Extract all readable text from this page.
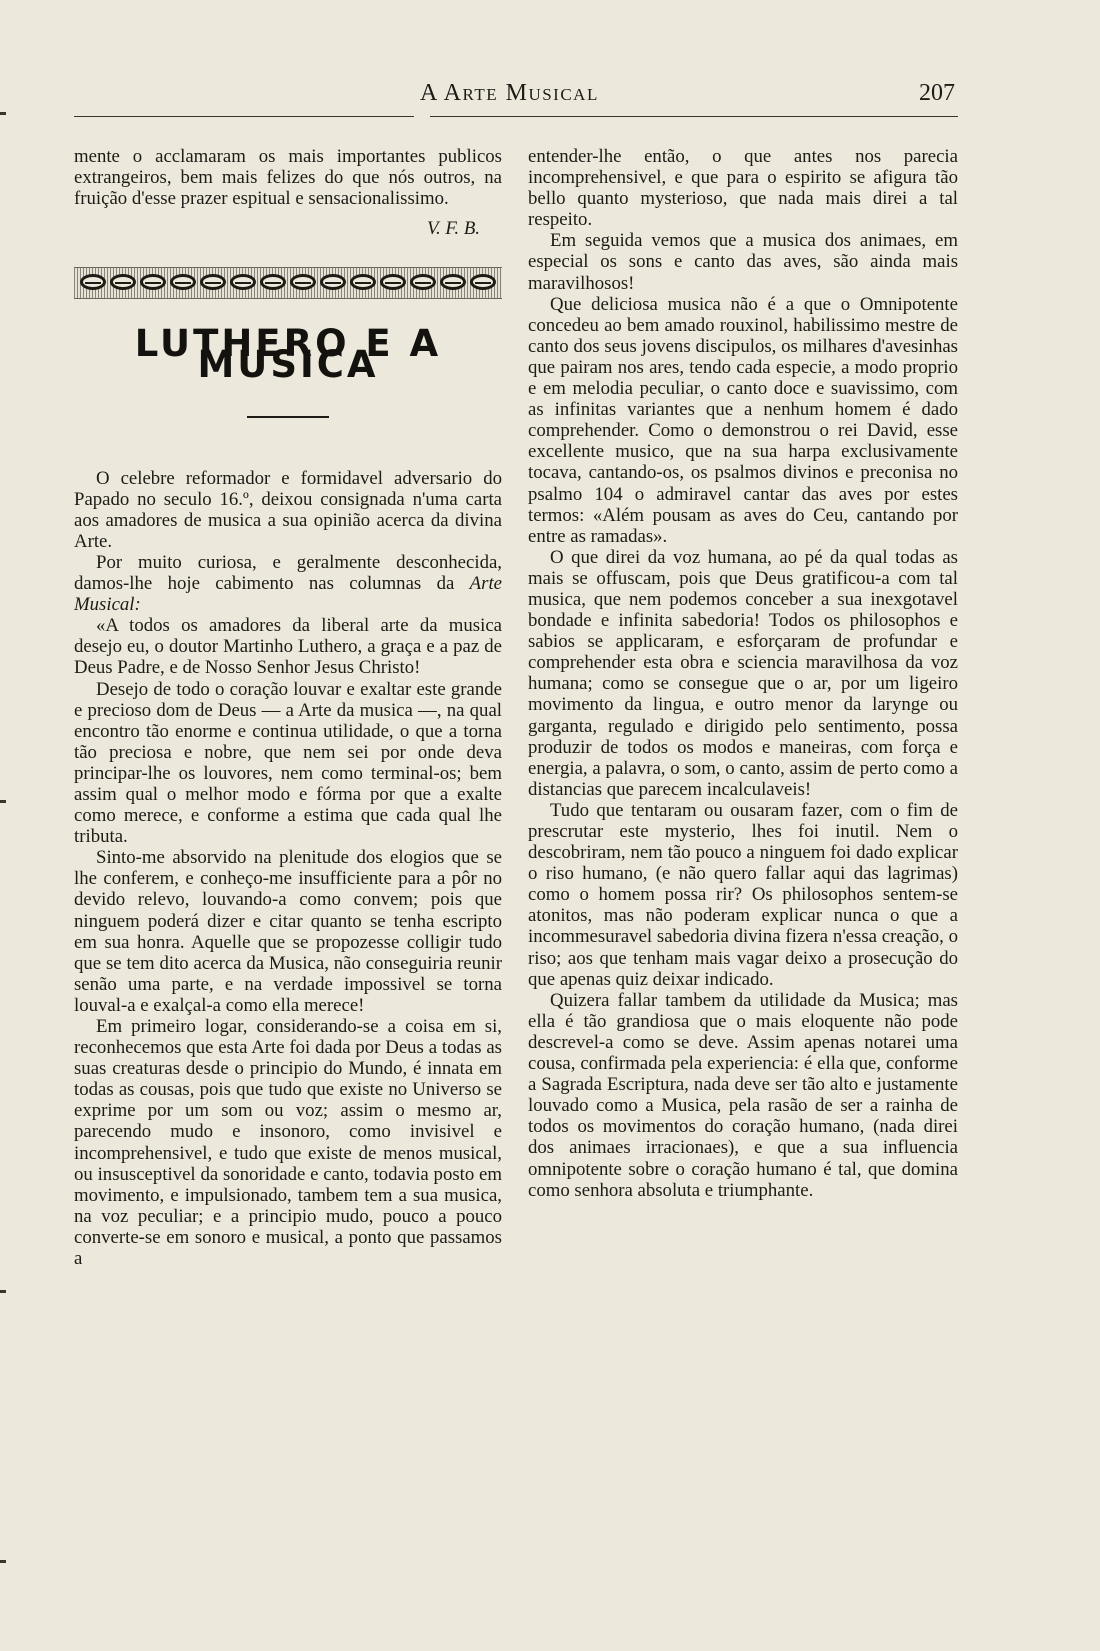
A Arte Musical	207

mente o acclamaram os mais importantes publicos extrangeiros, bem mais felizes do que nós outros, na fruição d'esse prazer espitual e sensacionalissimo.

V. F. B.

LUTHERO E A MUSICA

O celebre reformador e formidavel adversario do Papado no seculo 16.º, deixou consignada n'uma carta aos amadores de musica a sua opinião acerca da divina Arte.

Por muito curiosa, e geralmente desconhecida, damos-lhe hoje cabimento nas columnas da Arte Musical:

«A todos os amadores da liberal arte da musica desejo eu, o doutor Martinho Luthero, a graça e a paz de Deus Padre, e de Nosso Senhor Jesus Christo!

Desejo de todo o coração louvar e exaltar este grande e precioso dom de Deus — a Arte da musica —, na qual encontro tão enorme e continua utilidade, o que a torna tão preciosa e nobre, que nem sei por onde deva principar-lhe os louvores, nem como terminal-os; bem assim qual o melhor modo e fórma por que a exalte como merece, e conforme a estima que cada qual lhe tributa.

Sinto-me absorvido na plenitude dos elogios que se lhe conferem, e conheço-me insufficiente para a pôr no devido relevo, louvando-a como convem; pois que ninguem poderá dizer e citar quanto se tenha escripto em sua honra. Aquelle que se propozesse colligir tudo que se tem dito acerca da Musica, não conseguiria reunir senão uma parte, e na verdade impossivel se torna louval-a e exalçal-a como ella merece!

Em primeiro logar, considerando-se a coisa em si, reconhecemos que esta Arte foi dada por Deus a todas as suas creaturas desde o principio do Mundo, é innata em todas as cousas, pois que tudo que existe no Universo se exprime por um som ou voz; assim o mesmo ar, parecendo mudo e insonoro, como invisivel e incomprehensivel, e tudo que existe de menos musical, ou insusceptivel da sonoridade e canto, todavia posto em movimento, e impulsionado, tambem tem a sua musica, na voz peculiar; e a principio mudo, pouco a pouco converte-se em sonoro e musical, a ponto que passamos a

entender-lhe então, o que antes nos parecia incomprehensivel, e que para o espirito se afigura tão bello quanto mysterioso, que nada mais direi a tal respeito.

Em seguida vemos que a musica dos animaes, em especial os sons e canto das aves, são ainda mais maravilhosos!

Que deliciosa musica não é a que o Omnipotente concedeu ao bem amado rouxinol, habilissimo mestre de canto dos seus jovens discipulos, os milhares d'avesinhas que pairam nos ares, tendo cada especie, a modo proprio e em melodia peculiar, o canto doce e suavissimo, com as infinitas variantes que a nenhum homem é dado comprehender. Como o demonstrou o rei David, esse excellente musico, que na sua harpa exclusivamente tocava, cantando-os, os psalmos divinos e preconisa no psalmo 104 o admiravel cantar das aves por estes termos: «Além pousam as aves do Ceu, cantando por entre as ramadas».

O que direi da voz humana, ao pé da qual todas as mais se offuscam, pois que Deus gratificou-a com tal musica, que nem podemos conceber a sua inexgotavel bondade e infinita sabedoria! Todos os philosophos e sabios se applicaram, e esforçaram de profundar e comprehender esta obra e sciencia maravilhosa da voz humana; como se consegue que o ar, por um ligeiro movimento da lingua, e outro menor da larynge ou garganta, regulado e dirigido pelo sentimento, possa produzir de todos os modos e maneiras, com força e energia, a palavra, o som, o canto, assim de perto como a distancias que parecem incalculaveis!

Tudo que tentaram ou ousaram fazer, com o fim de prescrutar este mysterio, lhes foi inutil. Nem o descobriram, nem tão pouco a ninguem foi dado explicar o riso humano, (e não quero fallar aqui das lagrimas) como o homem possa rir? Os philosophos sentem-se atonitos, mas não poderam explicar nunca o que a incommesuravel sabedoria divina fizera n'essa creação, o riso; aos que tenham mais vagar deixo a prosecução do que apenas quiz deixar indicado.

Quizera fallar tambem da utilidade da Musica; mas ella é tão grandiosa que o mais eloquente não pode descrevel-a como se deve. Assim apenas notarei uma cousa, confirmada pela experiencia: é ella que, conforme a Sagrada Escriptura, nada deve ser tão alto e justamente louvado como a Musica, pela rasão de ser a rainha de todos os movimentos do coração humano, (nada direi dos animaes irracionaes), e que a sua influencia omnipotente sobre o coração humano é tal, que domina como senhora absoluta e triumphante.
